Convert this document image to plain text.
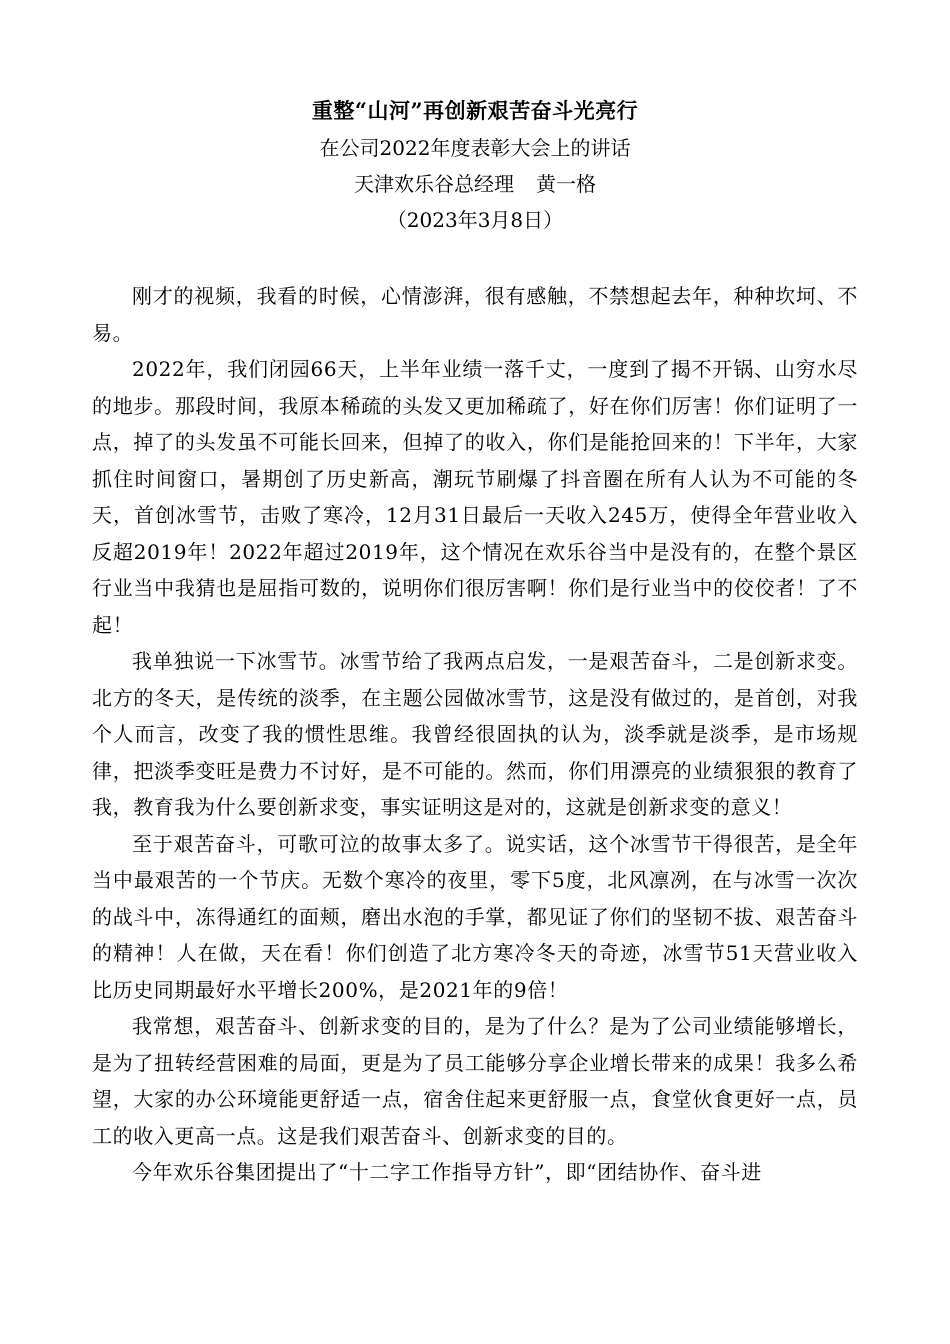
重整“山河”再创新艰苦奋斗光亮行

在公司2022年度表彰大会上的讲话

天津欢乐谷总经理 黄一格

（2023年3月8日）

刚才的视频，我看的时候，心情澎湃，很有感触，不禁想起去年，种种坎坷、不易。

2022年，我们闭园66天，上半年业绩一落千丈，一度到了揭不开锅、山穷水尽的地步。那段时间，我原本稀疏的头发又更加稀疏了，好在你们厉害！你们证明了一点，掉了的头发虽不可能长回来，但掉了的收入，你们是能抢回来的！下半年，大家抓住时间窗口，暑期创了历史新高，潮玩节刷爆了抖音圈在所有人认为不可能的冬天，首创冰雪节，击败了寒冷，12月31日最后一天收入245万，使得全年营业收入反超2019年！2022年超过2019年，这个情况在欢乐谷当中是没有的，在整个景区行业当中我猜也是屈指可数的，说明你们很厉害啊！你们是行业当中的佼佼者！了不起！

我单独说一下冰雪节。冰雪节给了我两点启发，一是艰苦奋斗，二是创新求变。北方的冬天，是传统的淡季，在主题公园做冰雪节，这是没有做过的，是首创，对我个人而言，改变了我的惯性思维。我曾经很固执的认为，淡季就是淡季，是市场规律，把淡季变旺是费力不讨好，是不可能的。然而，你们用漂亮的业绩狠狠的教育了我，教育我为什么要创新求变，事实证明这是对的，这就是创新求变的意义！

至于艰苦奋斗，可歌可泣的故事太多了。说实话，这个冰雪节干得很苦，是全年当中最艰苦的一个节庆。无数个寒冷的夜里，零下5度，北风凛冽，在与冰雪一次次的战斗中，冻得通红的面颊，磨出水泡的手掌，都见证了你们的坚韧不拔、艰苦奋斗的精神！人在做，天在看！你们创造了北方寒冷冬天的奇迹，冰雪节51天营业收入比历史同期最好水平增长200%，是2021年的9倍！

我常想，艰苦奋斗、创新求变的目的，是为了什么？是为了公司业绩能够增长，是为了扭转经营困难的局面，更是为了员工能够分享企业增长带来的成果！我多么希望，大家的办公环境能更舒适一点，宿舍住起来更舒服一点，食堂伙食更好一点，员工的收入更高一点。这是我们艰苦奋斗、创新求变的目的。

今年欢乐谷集团提出了“十二字工作指导方针”，即“团结协作、奋斗进
